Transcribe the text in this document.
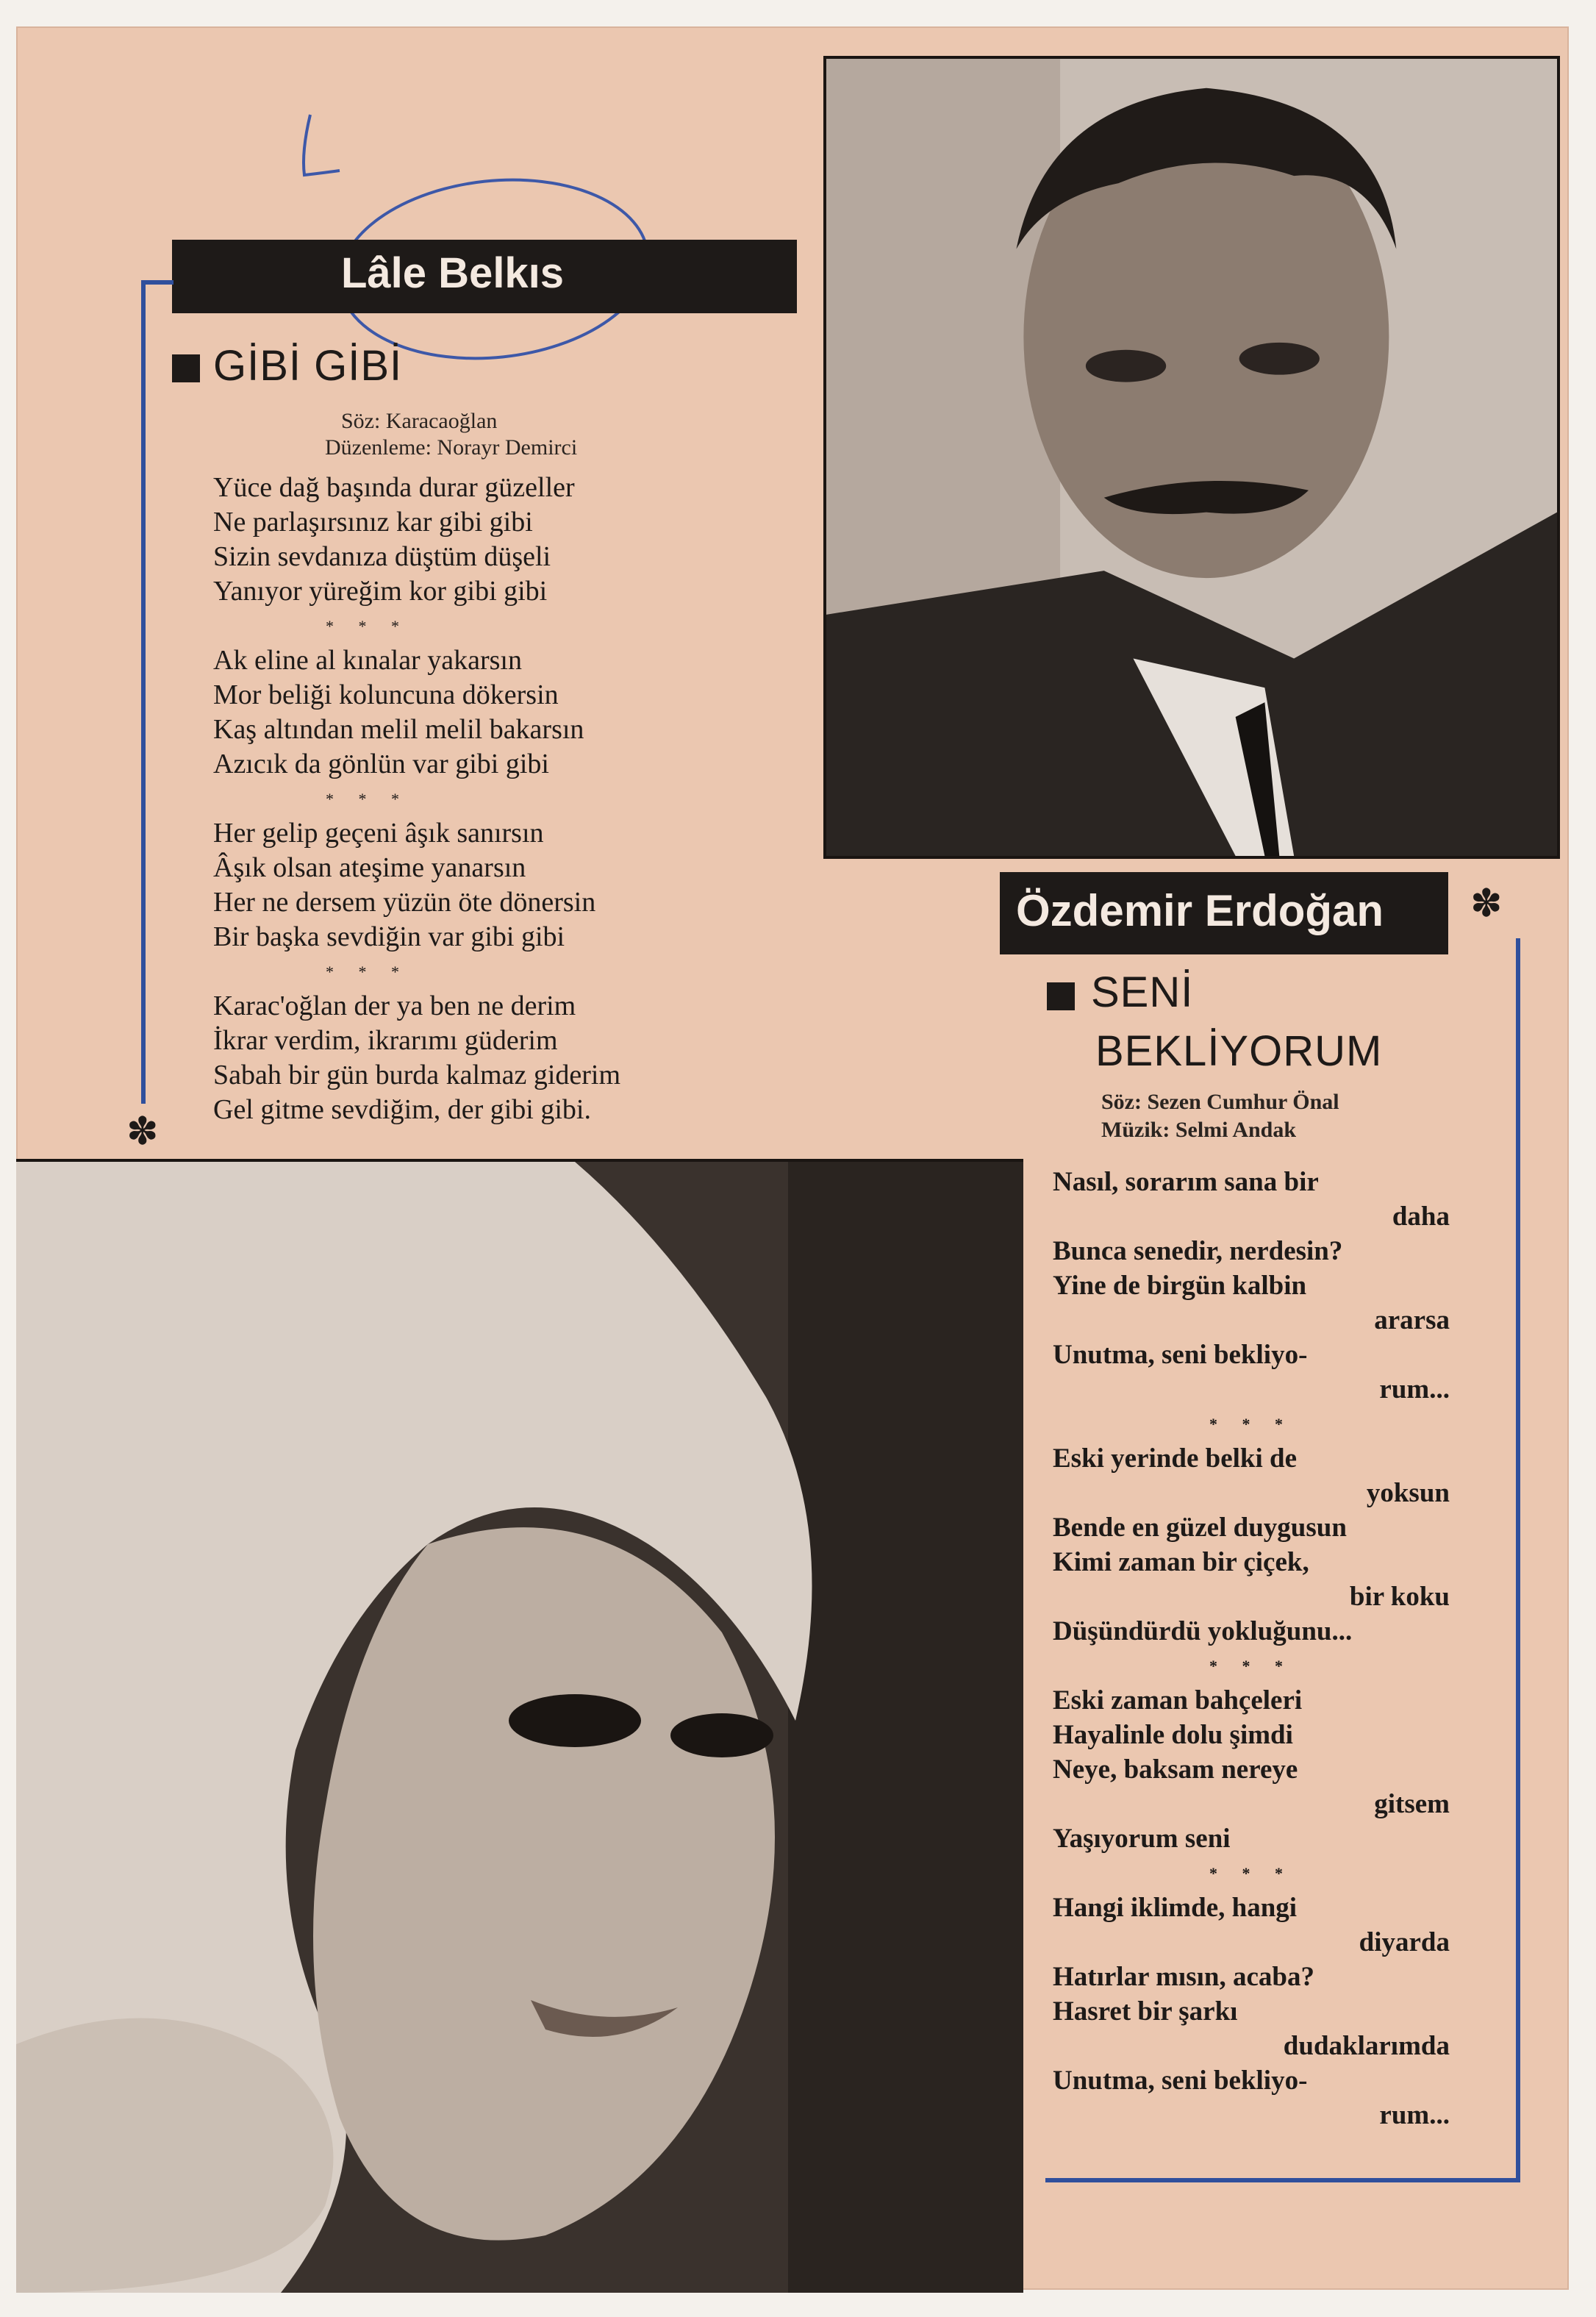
Lâle Belkıs
GİBİ GİBİ
Söz: Karacaoğlan
Düzenleme: Norayr Demirci
Yüce dağ başında durar güzeller
Ne parlaşırsınız kar gibi gibi
Sizin sevdanıza düştüm düşeli
Yanıyor yüreğim kor gibi gibi
* * *
Ak eline al kınalar yakarsın
Mor beliği koluncuna dökersin
Kaş altından melil melil bakarsın
Azıcık da gönlün var gibi gibi
* * *
Her gelip geçeni âşık sanırsın
Âşık olsan ateşime yanarsın
Her ne dersem yüzün öte dönersin
Bir başka sevdiğin var gibi gibi
* * *
Karac'oğlan der ya ben ne derim
İkrar verdim, ikrarımı güderim
Sabah bir gün burda kalmaz giderim
Gel gitme sevdiğim, der gibi gibi.
✽
Özdemir Erdoğan ✽
SENİ
BEKLİYORUM
Söz: Sezen Cumhur Önal
Müzik: Selmi Andak
Nasıl, sorarım sana bir
daha
Bunca senedir, nerdesin?
Yine de birgün kalbin
ararsa
Unutma, seni bekliyo-
rum...
* * *
Eski yerinde belki de
yoksun
Bende en güzel duygusun
Kimi zaman bir çiçek,
bir koku
Düşündürdü yokluğunu...
* * *
Eski zaman bahçeleri
Hayalinle dolu şimdi
Neye, baksam nereye
gitsem
Yaşıyorum seni
* * *
Hangi iklimde, hangi
diyarda
Hatırlar mısın, acaba?
Hasret bir şarkı
dudaklarımda
Unutma, seni bekliyo-
rum...
